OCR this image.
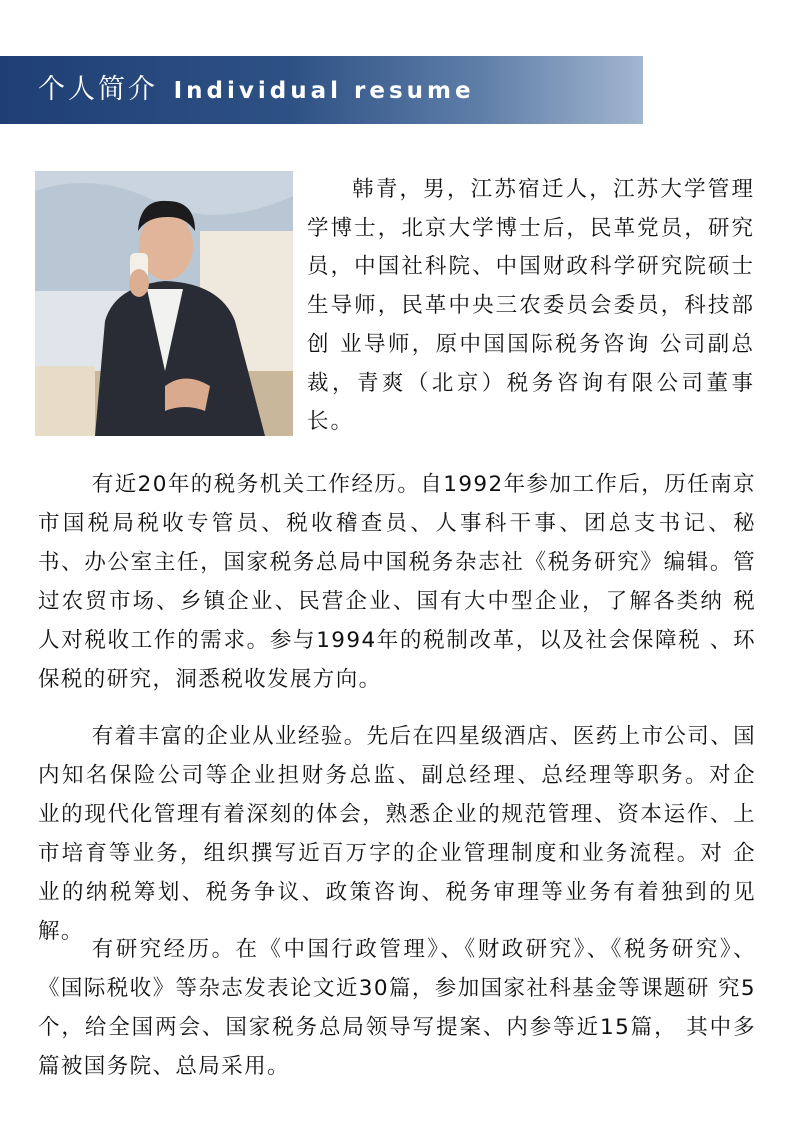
个人简介 Individual resume

韩青，男，江苏宿迁人，江苏大学管理学博士，北京大学博士后，民革党员，研究员，中国社科院、中国财政科学研究院硕士生导师，民革中央三农委员会委员，科技部创 业导师，原中国国际税务咨询 公司副总裁，青爽（北京）税务咨询有限公司董事长。

有近20年的税务机关工作经历。自1992年参加工作后，历任南京市国税局税收专管员、税收稽查员、人事科干事、团总支书记、秘 书、办公室主任，国家税务总局中国税务杂志社《税务研究》编辑。管过农贸市场、乡镇企业、民营企业、国有大中型企业，了解各类纳 税人对税收工作的需求。参与1994年的税制改革，以及社会保障税 、环保税的研究，洞悉税收发展方向。

有着丰富的企业从业经验。先后在四星级酒店、医药上市公司、国 内知名保险公司等企业担财务总监、副总经理、总经理等职务。对企 业的现代化管理有着深刻的体会，熟悉企业的规范管理、资本运作、上市培育等业务，组织撰写近百万字的企业管理制度和业务流程。对 企业的纳税筹划、税务争议、政策咨询、税务审理等业务有着独到的见解。

有研究经历。在《中国行政管理》、《财政研究》、《税务研究》、《国际税收》等杂志发表论文近30篇，参加国家社科基金等课题研 究5个，给全国两会、国家税务总局领导写提案、内参等近15篇， 其中多篇被国务院、总局采用。
